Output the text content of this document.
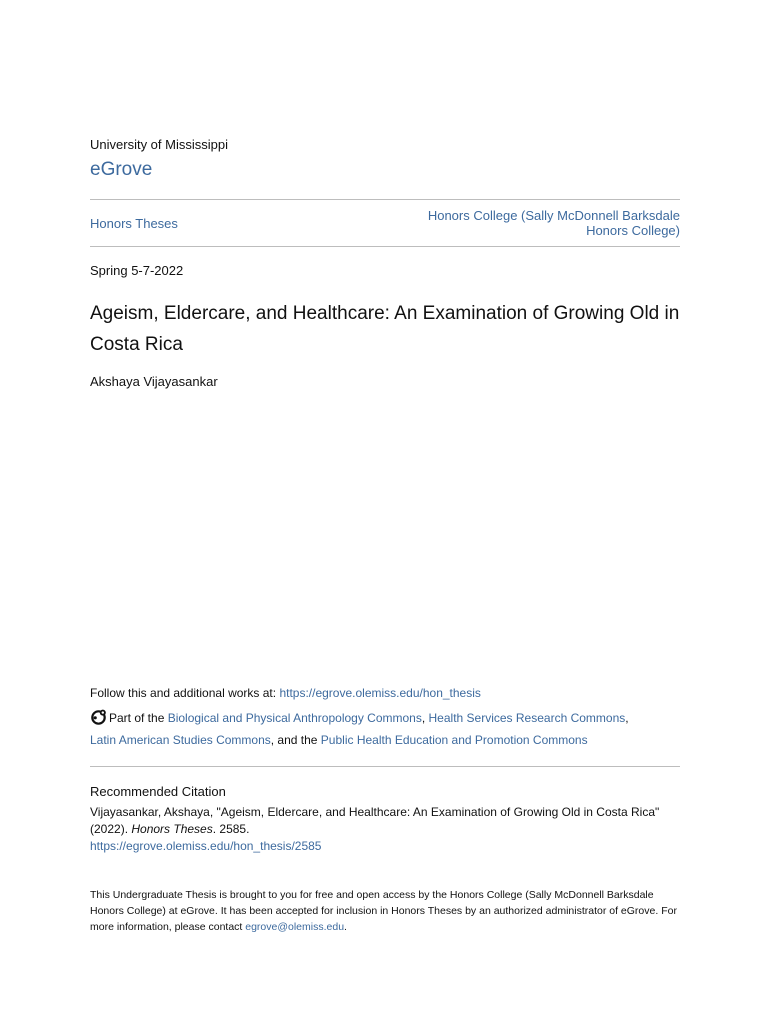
University of Mississippi
eGrove
Honors Theses
Honors College (Sally McDonnell Barksdale
Honors College)
Spring 5-7-2022
Ageism, Eldercare, and Healthcare: An Examination of Growing Old in Costa Rica
Akshaya Vijayasankar
Follow this and additional works at: https://egrove.olemiss.edu/hon_thesis
Part of the Biological and Physical Anthropology Commons, Health Services Research Commons,
Latin American Studies Commons, and the Public Health Education and Promotion Commons
Recommended Citation
Vijayasankar, Akshaya, "Ageism, Eldercare, and Healthcare: An Examination of Growing Old in Costa Rica" (2022). Honors Theses. 2585.
https://egrove.olemiss.edu/hon_thesis/2585
This Undergraduate Thesis is brought to you for free and open access by the Honors College (Sally McDonnell Barksdale Honors College) at eGrove. It has been accepted for inclusion in Honors Theses by an authorized administrator of eGrove. For more information, please contact egrove@olemiss.edu.
